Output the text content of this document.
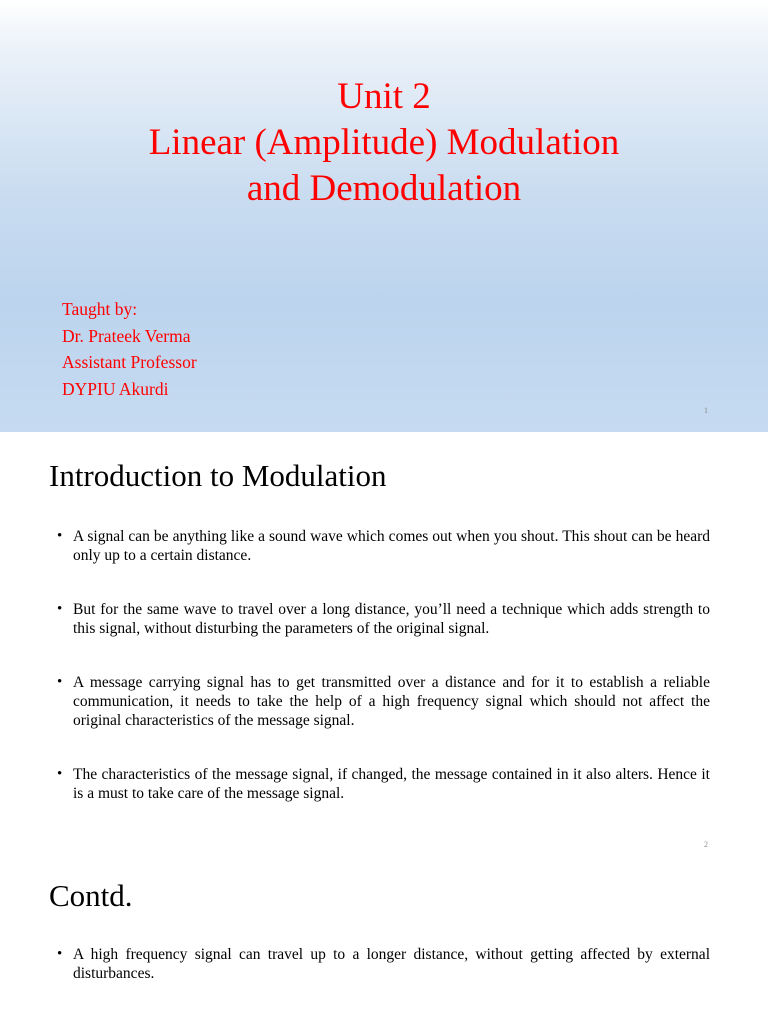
Unit 2
Linear (Amplitude) Modulation
and Demodulation
Taught by:
Dr. Prateek Verma
Assistant Professor
DYPIU Akurdi
1
Introduction to Modulation
• A signal can be anything like a sound wave which comes out when you shout. This shout can be heard only up to a certain distance.
• But for the same wave to travel over a long distance, you’ll need a technique which adds strength to this signal, without disturbing the parameters of the original signal.
• A message carrying signal has to get transmitted over a distance and for it to establish a reliable communication, it needs to take the help of a high frequency signal which should not affect the original characteristics of the message signal.
• The characteristics of the message signal, if changed, the message contained in it also alters. Hence it is a must to take care of the message signal.
2
Contd.
• A high frequency signal can travel up to a longer distance, without getting affected by external disturbances.
